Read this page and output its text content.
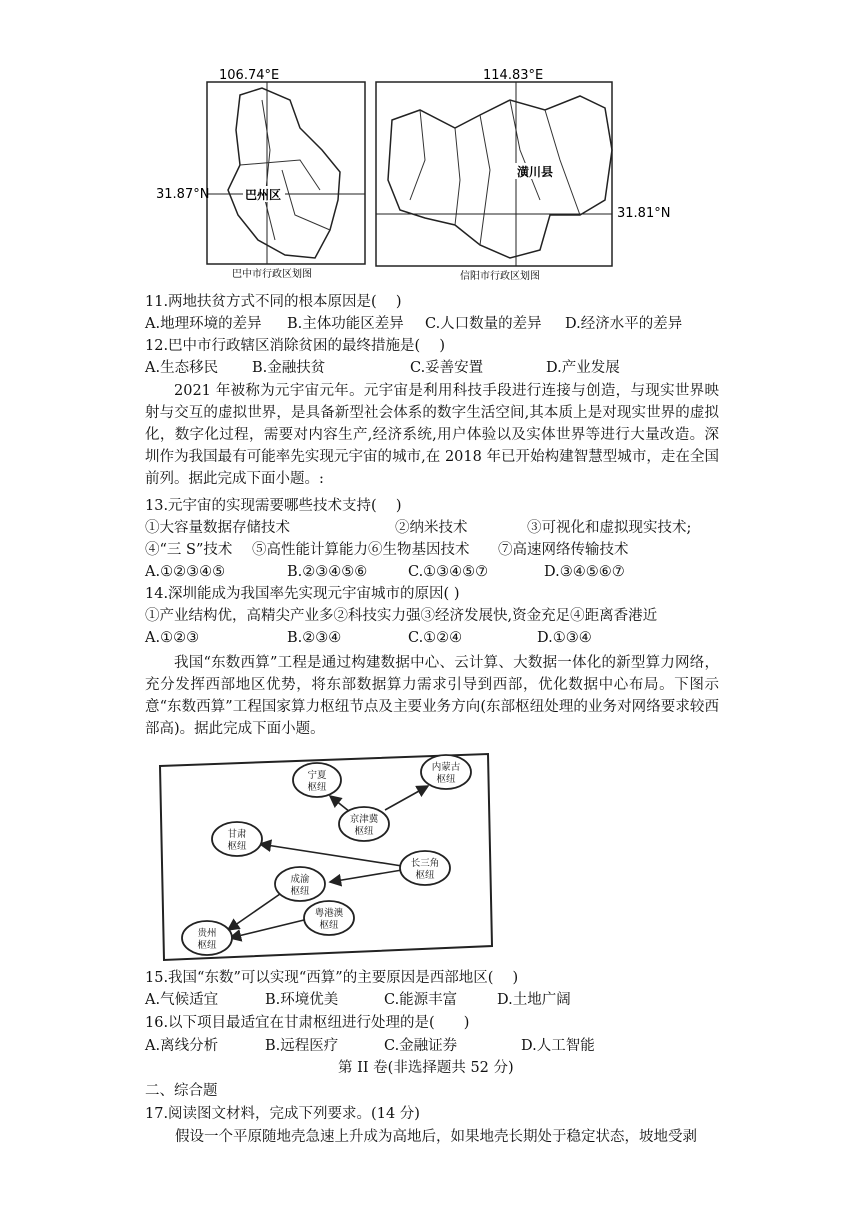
106.74°E
31.87°N	巴州区
巴中市行政区划图
114.83°E
31.81°N
潢川县
信阳市行政区划图
11.两地扶贫方式不同的根本原因是(　 )
A.地理环境的差异 B.主体功能区差异 C.人口数量的差异 D.经济水平的差异
12.巴中市行政辖区消除贫困的最终措施是(　 )
A.生态移民 B.金融扶贫	C.妥善安置	D.产业发展
2021 年被称为元宇宙元年。元宇宙是利用科技手段进行连接与创造，与现实世界映射与交互的虚拟世界，是具备新型社会体系的数字生活空间,其本质上是对现实世界的虚拟化，数字化过程，需要对内容生产,经济系统,用户体验以及实体世界等进行大量改造。深圳作为我国最有可能率先实现元宇宙的城市,在 2018 年已开始构建智慧型城市，走在全国前列。据此完成下面小题。:
13.元宇宙的实现需要哪些技术支持(　 )
①大容量数据存储技术	②纳米技术	③可视化和虚拟现实技术;
④“三 S”技术 ⑤高性能计算能力⑥生物基因技术 ⑦高速网络传输技术
A.①②③④⑤	B.②③④⑤⑥	C.①③④⑤⑦	D.③④⑤⑥⑦
14.深圳能成为我国率先实现元宇宙城市的原因( )
①产业结构优，高精尖产业多②科技实力强③经济发展快,资金充足④距离香港近
A.①②③	B.②③④	C.①②④	D.①③④
我国“东数西算”工程是通过构建数据中心、云计算、大数据一体化的新型算力网络，充分发挥西部地区优势，将东部数据算力需求引导到西部，优化数据中心布局。下图示意“东数西算”工程国家算力枢纽节点及主要业务方向(东部枢纽处理的业务对网络要求较西部高)。据此完成下面小题。
宁夏
枢纽
内蒙古
枢纽
京津冀
枢纽
甘肃
枢纽
长三角
枢纽
成渝
枢纽
粤港澳
枢纽
贵州
枢纽
15.我国“东数”可以实现“西算”的主要原因是西部地区(　 )
A.气候适宜	B.环境优美	C.能源丰富	D.土地广阔
16.以下项目最适宜在甘肃枢纽进行处理的是(　　)
A.离线分析	B.远程医疗	C.金融证券	D.人工智能
第 II 卷(非选择题共 52 分)
二、综合题
17.阅读图文材料，完成下列要求。(14 分)
假设一个平原随地壳急速上升成为高地后，如果地壳长期处于稳定状态，坡地受剥
